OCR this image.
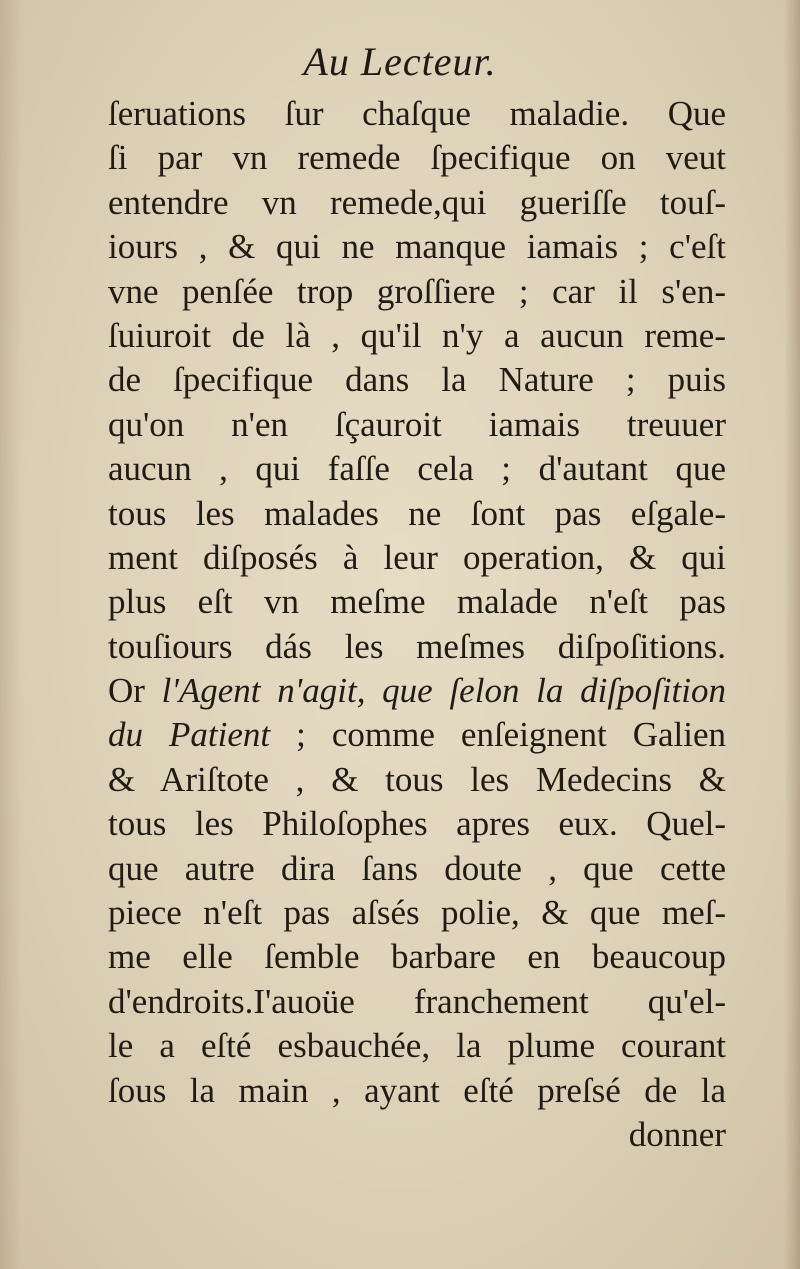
Au Lecteur.
ſeruations ſur chaſque maladie. Que
ſi par vn remede ſpecifique on veut
entendre vn remede,qui gueriſſe touſ-
iours , & qui ne manque iamais ; c'eſt
vne penſée trop groſſiere ; car il s'en-
ſuiuroit de là , qu'il n'y a aucun reme-
de ſpecifique dans la Nature ; puis
qu'on n'en ſçauroit iamais treuuer
aucun , qui faſſe cela ; d'autant que
tous les malades ne ſont pas eſgale-
ment diſposés à leur operation, & qui
plus eſt vn meſme malade n'eſt pas
touſiours dás les meſmes diſpoſitions.
Or l'Agent n'agit, que ſelon la diſpoſition
du Patient ; comme enſeignent Galien
& Ariſtote , & tous les Medecins &
tous les Philoſophes apres eux. Quel-
que autre dira ſans doute , que cette
piece n'eſt pas aſsés polie, & que meſ-
me elle ſemble barbare en beaucoup
d'endroits.I'auoüe franchement qu'el-
le a eſté esbauchée, la plume courant
ſous la main , ayant eſté preſsé de la
donner
